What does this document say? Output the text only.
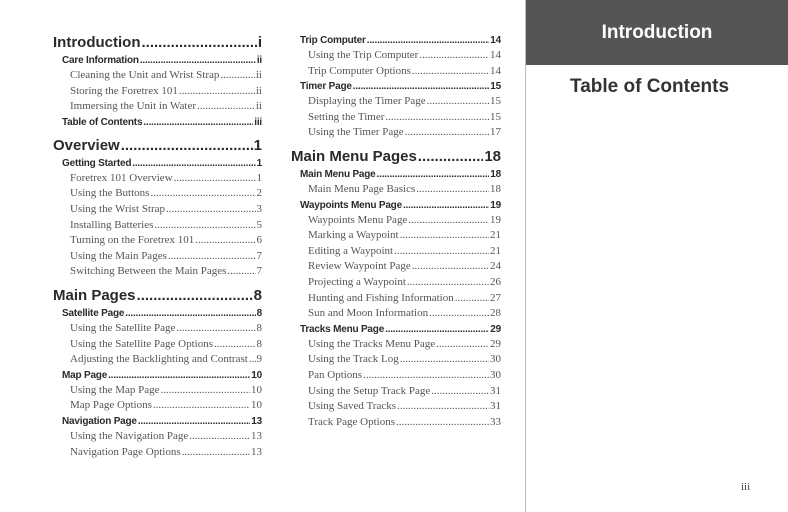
Introduction .....	i
Care Information .....	ii
Cleaning the Unit and Wrist Strap .....	ii
Storing the Foretrex 101 .....	ii
Immersing the Unit in Water .....	ii
Table of Contents .....	iii
Overview .....	1
Getting Started .....	1
Foretrex 101 Overview .....	1
Using the Buttons .....	2
Using the Wrist Strap .....	3
Installing Batteries .....	5
Turning on the Foretrex 101 .....	6
Using the Main Pages .....	7
Switching Between the Main Pages .....	7
Main Pages .....	8
Satellite Page .....	8
Using the Satellite Page .....	8
Using the Satellite Page Options .....	8
Adjusting the Backlighting and Contrast ..... 9
Map Page .....	10
Using the Map Page .....	10
Map Page Options .....	10
Navigation Page .....	13
Using the Navigation Page .....	13
Navigation Page Options .....	13
Trip Computer .....	14
Using the Trip Computer .....	14
Trip Computer Options .....	14
Timer Page .....	15
Displaying the Timer Page .....	15
Setting the Timer .....	15
Using the Timer Page .....	17
Main Menu Pages .....	18
Main Menu Page .....	18
Main Menu Page Basics .....	18
Waypoints Menu Page .....	19
Waypoints Menu Page .....	19
Marking a Waypoint .....	21
Editing a Waypoint .....	21
Review Waypoint Page .....	24
Projecting a Waypoint .....	26
Hunting and Fishing Information .....	27
Sun and Moon Information .....	28
Tracks Menu Page .....	29
Using the Tracks Menu Page .....	29
Using the Track Log .....	30
Pan Options .....	30
Using the Setup Track Page .....	31
Using Saved Tracks .....	31
Track Page Options .....	33
Introduction
Table of Contents
iii
